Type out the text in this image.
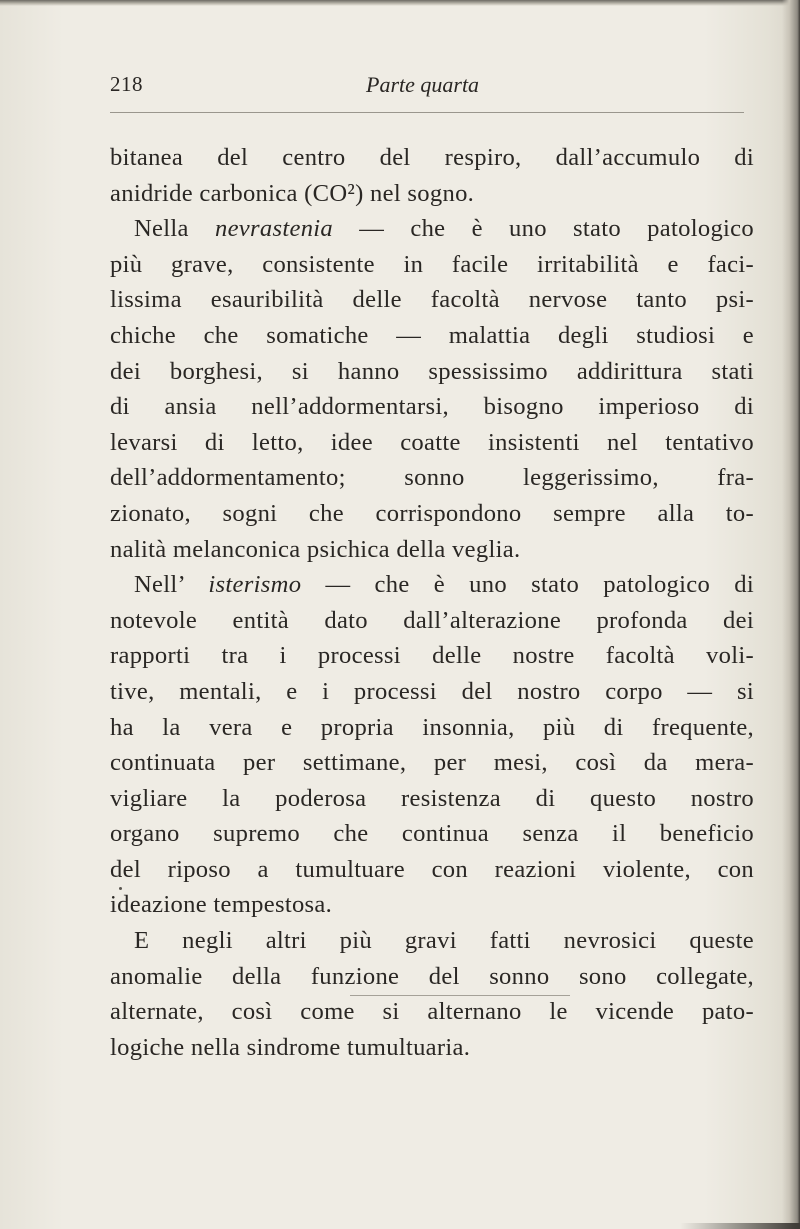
218	Parte quarta
bitanea del centro del respiro, dall’accumulo di
anidride carbonica (CO²) nel sogno.
Nella nevrastenia — che è uno stato patologico
più grave, consistente in facile irritabilità e faci-
lissima esauribilità delle facoltà nervose tanto psi-
chiche che somatiche — malattia degli studiosi e
dei borghesi, si hanno spessissimo addirittura stati
di ansia nell’addormentarsi, bisogno imperioso di
levarsi di letto, idee coatte insistenti nel tentativo
dell’addormentamento; sonno leggerissimo, fra-
zionato, sogni che corrispondono sempre alla to-
nalità melanconica psichica della veglia.
Nell’ isterismo — che è uno stato patologico di
notevole entità dato dall’alterazione profonda dei
rapporti tra i processi delle nostre facoltà voli-
tive, mentali, e i processi del nostro corpo — si
ha la vera e propria insonnia, più di frequente,
continuata per settimane, per mesi, così da mera-
vigliare la poderosa resistenza di questo nostro
organo supremo che continua senza il beneficio
del riposo a tumultuare con reazioni violente, con
ideazione tempestosa.
E negli altri più gravi fatti nevrosici queste
anomalie della funzione del sonno sono collegate,
alternate, così come si alternano le vicende pato-
logiche nella sindrome tumultuaria.
